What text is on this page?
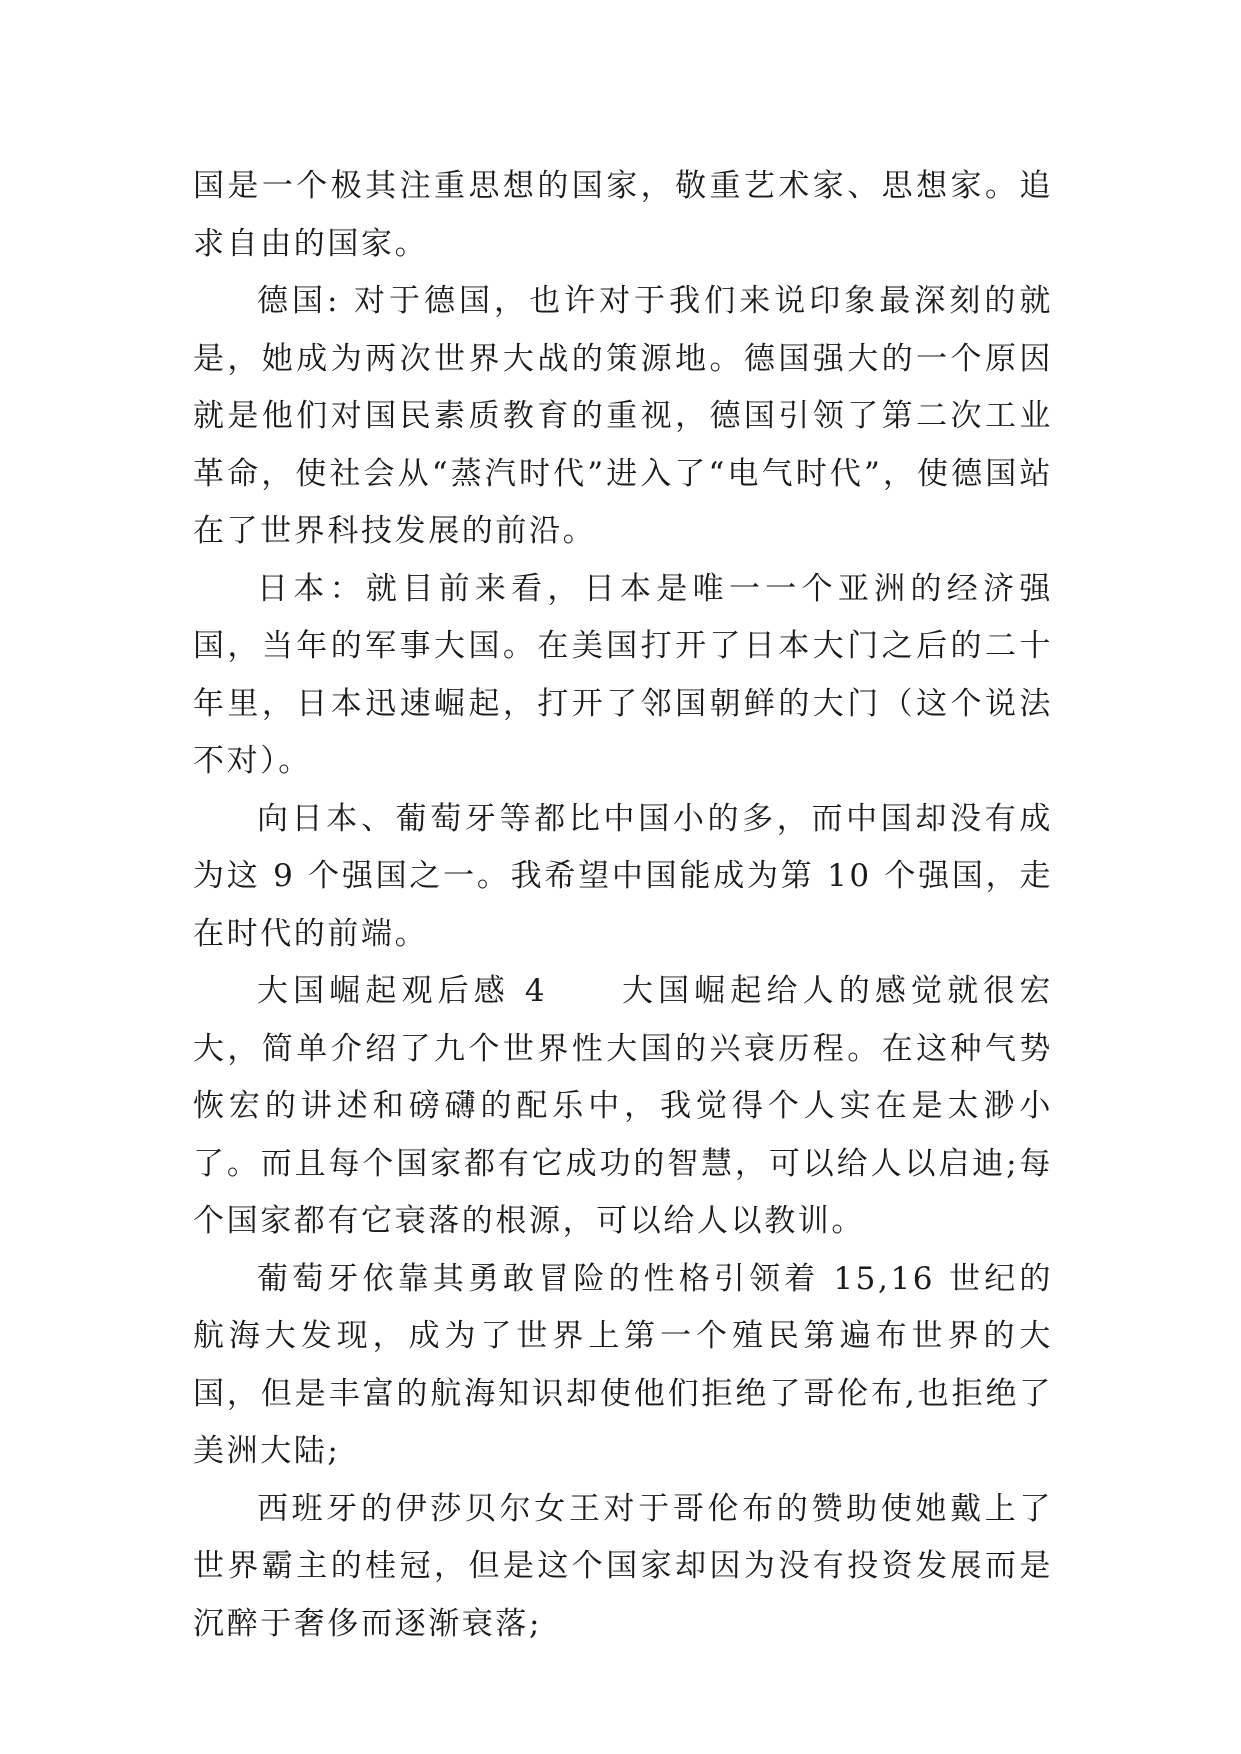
国是一个极其注重思想的国家，敬重艺术家、思想家。追求自由的国家。

德国: 对于德国，也许对于我们来说印象最深刻的就是，她成为两次世界大战的策源地。德国强大的一个原因就是他们对国民素质教育的重视，德国引领了第二次工业革命，使社会从“蒸汽时代”进入了“电气时代”，使德国站在了世界科技发展的前沿。

日本：就目前来看，日本是唯一一个亚洲的经济强国，当年的军事大国。在美国打开了日本大门之后的二十年里，日本迅速崛起，打开了邻国朝鲜的大门（这个说法不对）。

向日本、葡萄牙等都比中国小的多，而中国却没有成为这 9 个强国之一。我希望中国能成为第 10 个强国，走在时代的前端。

大国崛起观后感 4　　大国崛起给人的感觉就很宏大，简单介绍了九个世界性大国的兴衰历程。在这种气势恢宏的讲述和磅礴的配乐中，我觉得个人实在是太渺小了。而且每个国家都有它成功的智慧，可以给人以启迪;每个国家都有它衰落的根源，可以给人以教训。

葡萄牙依靠其勇敢冒险的性格引领着 15,16 世纪的航海大发现，成为了世界上第一个殖民第遍布世界的大国，但是丰富的航海知识却使他们拒绝了哥伦布,也拒绝了美洲大陆;

西班牙的伊莎贝尔女王对于哥伦布的赞助使她戴上了世界霸主的桂冠，但是这个国家却因为没有投资发展而是沉醉于奢侈而逐渐衰落;
